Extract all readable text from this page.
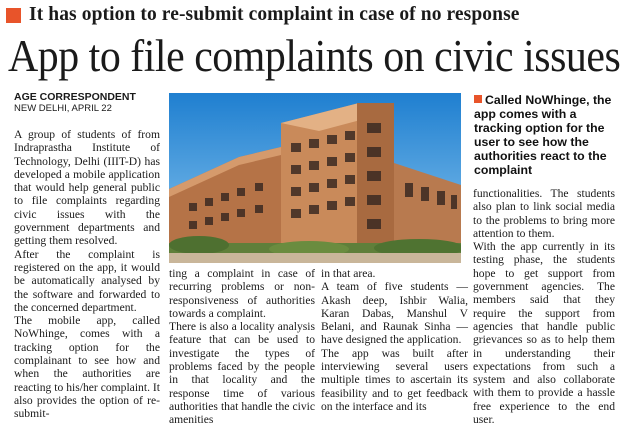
It has option to re-submit complaint in case of no response
App to file complaints on civic issues
AGE CORRESPONDENT
NEW DELHI, APRIL 22

A group of students of from Indraprastha Institute of Technology, Delhi (IIIT-D) has developed a mobile application that would help general public to file complaints regarding civic issues with the government departments and getting them resolved.

After the complaint is registered on the app, it would be automatically analysed by the software and forwarded to the concerned department.

The mobile app, called NoWhinge, comes with a tracking option for the complainant to see how and when the authorities are reacting to his/her complaint. It also provides the option of re-submit-

Called NoWhinge, the app comes with a tracking option for the user to see how the authorities react to the complaint

ting a complaint in case of recurring problems or non-responsiveness of authorities towards a complaint.

There is also a locality analysis feature that can be used to investigate the types of problems faced by the people in that locality and the response time of various authorities that handle the civic amenities

in that area.

A team of five students — Akash deep, Ishbir Walia, Karan Dabas, Manshul V Belani, and Raunak Sinha — have designed the application.

The app was built after interviewing several users multiple times to ascertain its feasibility and to get feedback on the interface and its

functionalities. The students also plan to link social media to the problems to bring more attention to them.

With the app currently in its testing phase, the students hope to get support from government agencies. The members said that they require the support from agencies that handle public grievances so as to help them in understanding their expectations from such a system and also collaborate with them to provide a hassle free experience to the end user.
